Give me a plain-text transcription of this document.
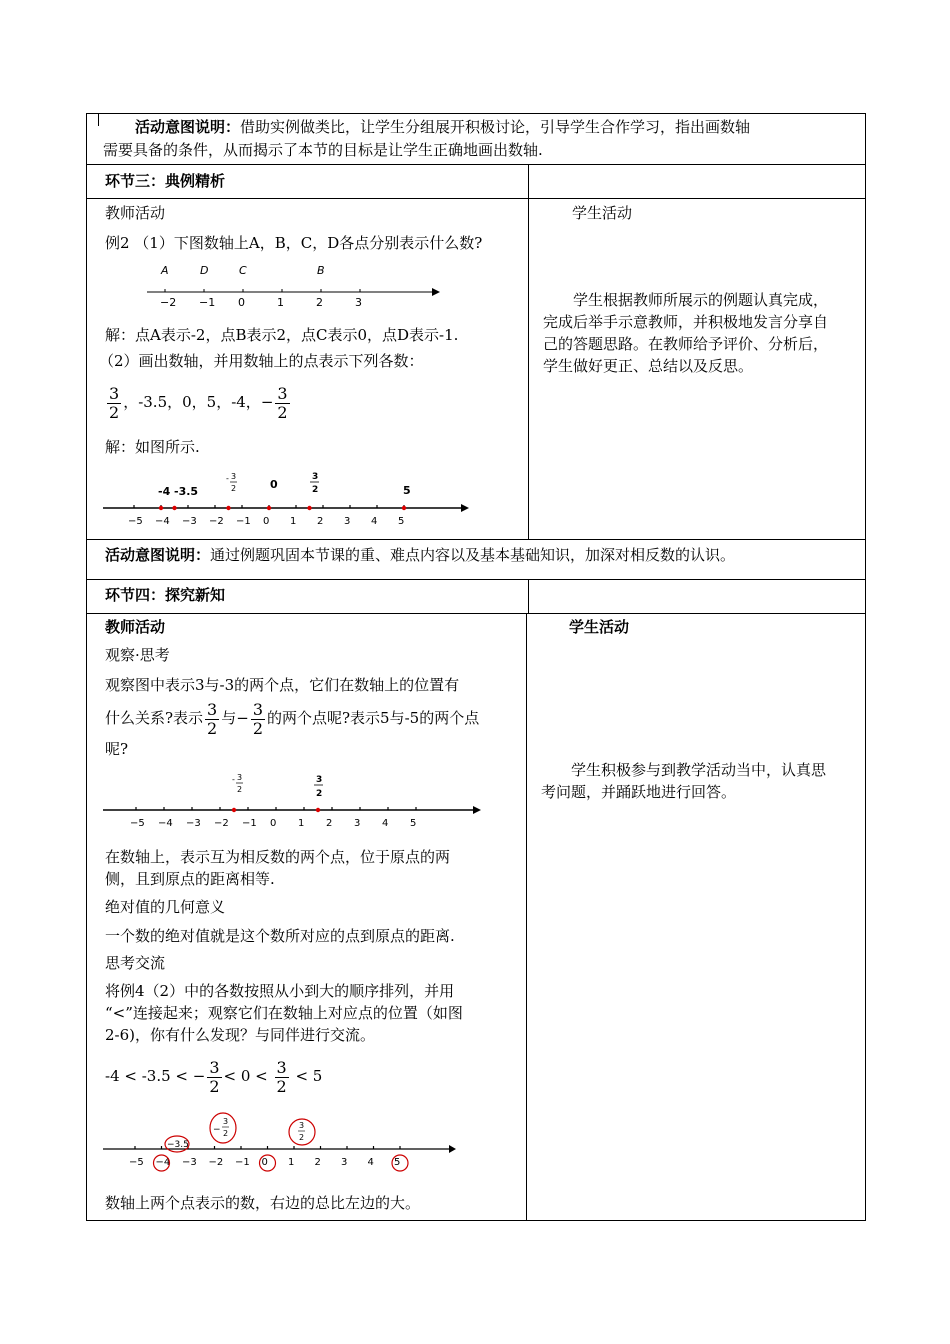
活动意图说明：借助实例做类比，让学生分组展开积极讨论，引导学生合作学习，指出画数轴
需要具备的条件，从而揭示了本节的目标是让学生正确地画出数轴.
环节三：典例精析
教师活动	学生活动
例2 （1）下图数轴上A，B，C，D各点分别表示什么数?
−2 −1 0	1	2	3
A	D	C	B
解：点A表示-2，点B表示2，点C表示0，点D表示-1.
（2）画出数轴，并用数轴上的点表示下列各数：
$\frac{3}{2}$ ，-3.5，0，5，-4，− $\frac{3}{2}$
解：如图所示.
−5 −4 −3 −2 −1 0 1 2 3 4 5
-4 -3.5
0	5
- 3
2
3
2
学生根据教师所展示的例题认真完成，完成后举手示意教师，并积极地发言分享自己的答题思路。在教师给予评价、分析后，学生做好更正、总结以及反思。
活动意图说明：通过例题巩固本节课的重、难点内容以及基本基础知识，加深对相反数的认识。
环节四：探究新知
教师活动	学生活动
观察·思考
观察图中表示3与-3的两个点，它们在数轴上的位置有
什么关系?表示 $\frac{3}{2}$ 与− $\frac{3}{2}$ 的两个点呢?表示5与-5的两个点
呢?
−5 −4 −3 −2 −1 0 1 2 3 4 5
- 3
2
3
2
在数轴上，表示互为相反数的两个点，位于原点的两
侧，且到原点的距离相等.
绝对值的几何意义
一个数的绝对值就是这个数所对应的点到原点的距离.
思考交流
将例4（2）中的各数按照从小到大的顺序排列，并用
“<”连接起来；观察它们在数轴上对应点的位置（如图
2-6)，你有什么发现？与同伴进行交流。
-4 < -3.5 < − $\frac{3}{2} < 0 < \frac{3}{2} < 5$
−5 −4 −3 −2 −1 0 1 2 3 4 5
−3.5
−
3
2
3
2
数轴上两个点表示的数，右边的总比左边的大。
学生积极参与到教学活动当中，认真思考问题，并踊跃地进行回答。
